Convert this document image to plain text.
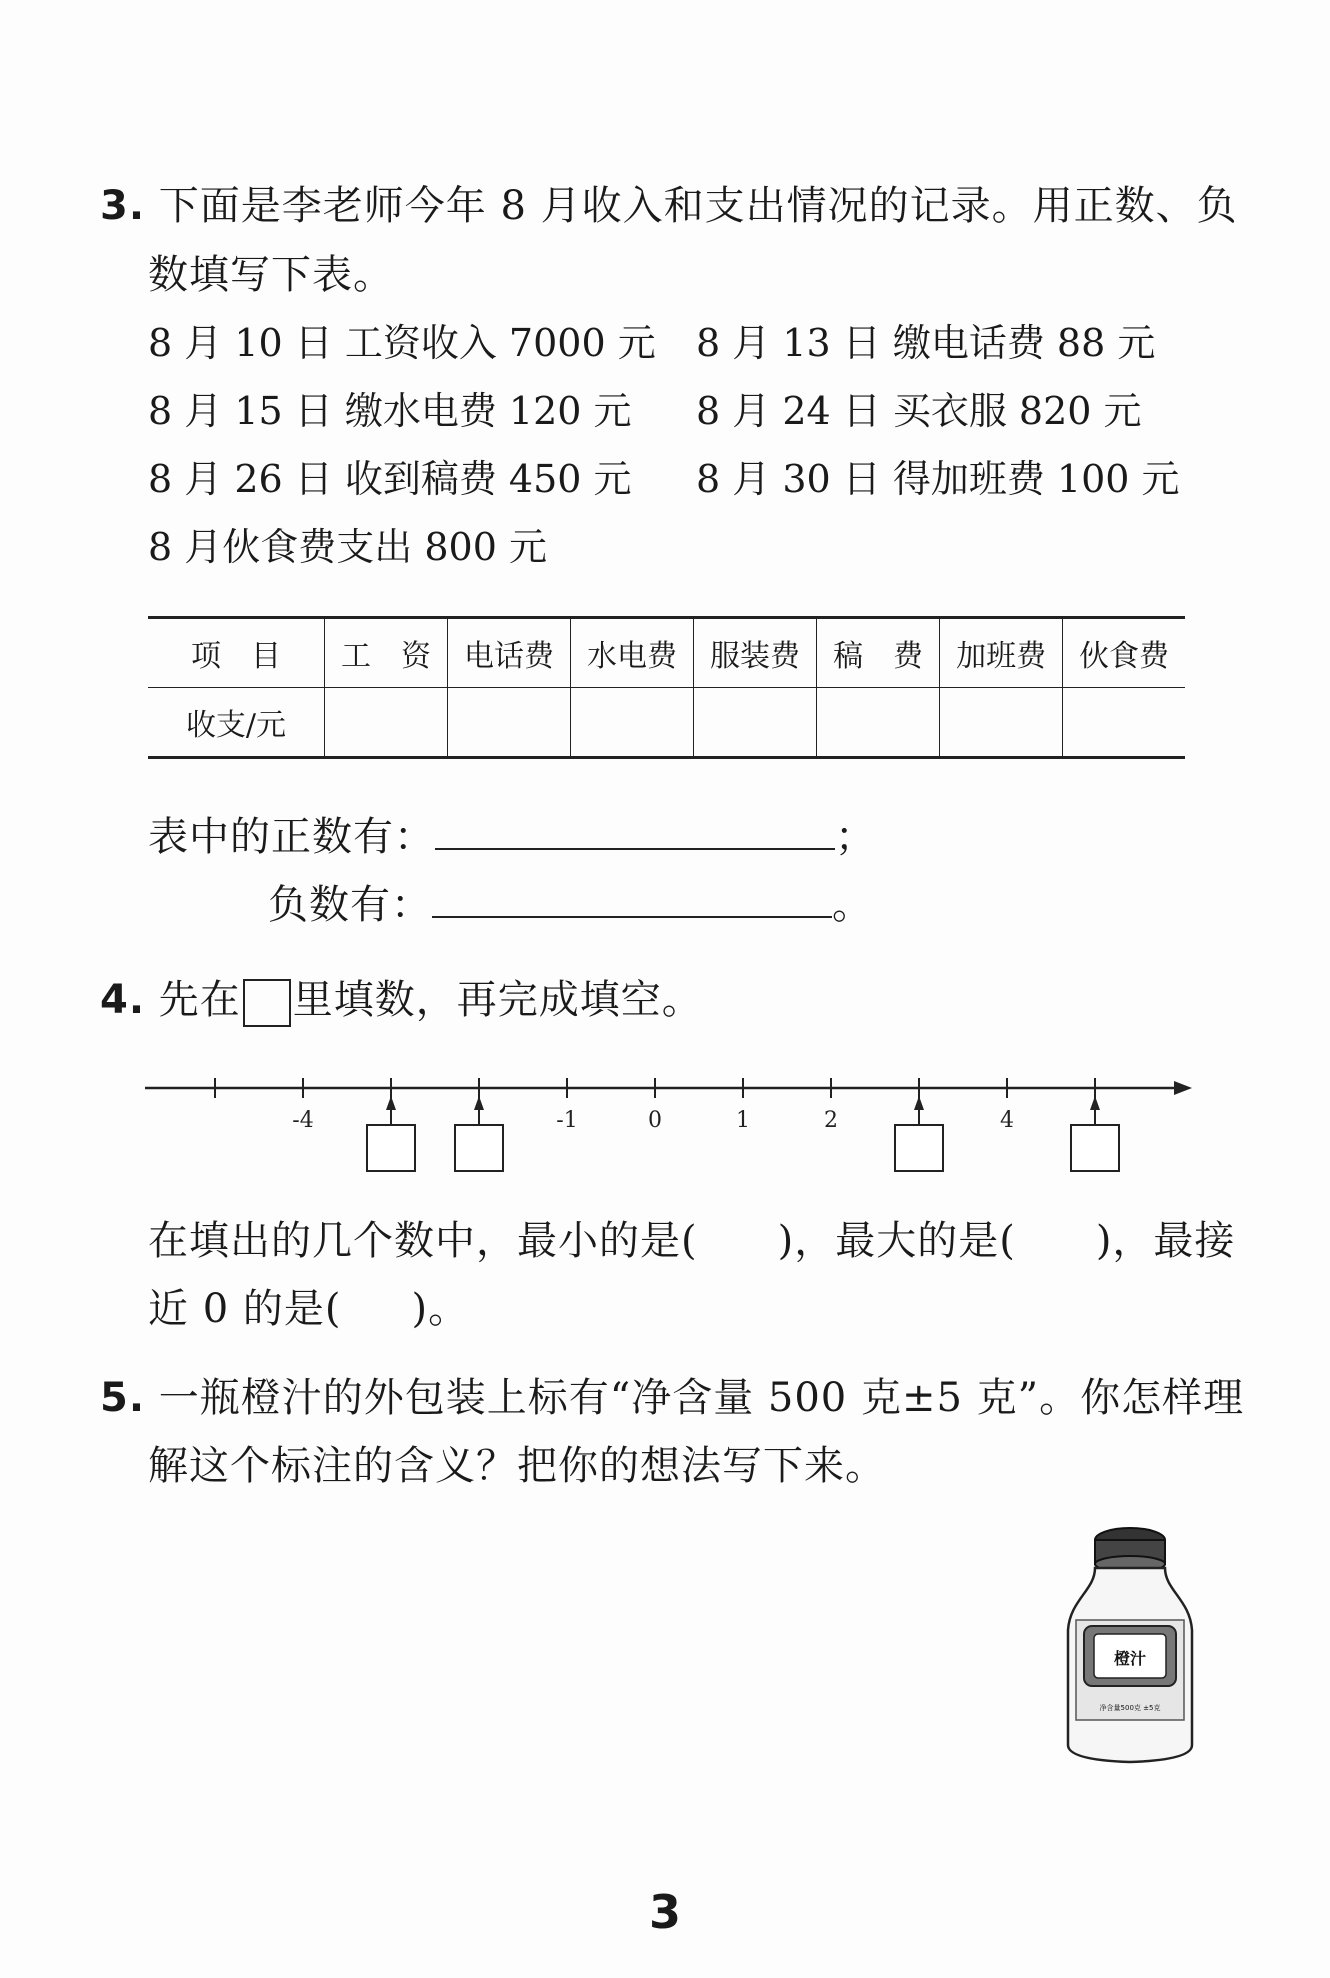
3. 下面是李老师今年 8 月收入和支出情况的记录。用正数、负
数填写下表。
8 月 10 日 工资收入 7000 元 8 月 13 日 缴电话费 88 元
8 月 15 日 缴水电费 120 元 8 月 24 日 买衣服 820 元
8 月 26 日 收到稿费 450 元 8 月 30 日 得加班费 100 元
8 月伙食费支出 800 元
项　目	工　资	电话费	水电费	服装费	稿　费	加班费	伙食费
收支/元							
表中的正数有：	；
负数有：	。
4. 先在 里填数，再完成填空。
-4	-1	0	1	2	4
在填出的几个数中，最小的是( )，最大的是( )，最接
近 0 的是( )。
5. 一瓶橙汁的外包装上标有“净含量 500 克±5 克”。你怎样理
解这个标注的含义？把你的想法写下来。
橙汁
净含量500克 ±5克
3
